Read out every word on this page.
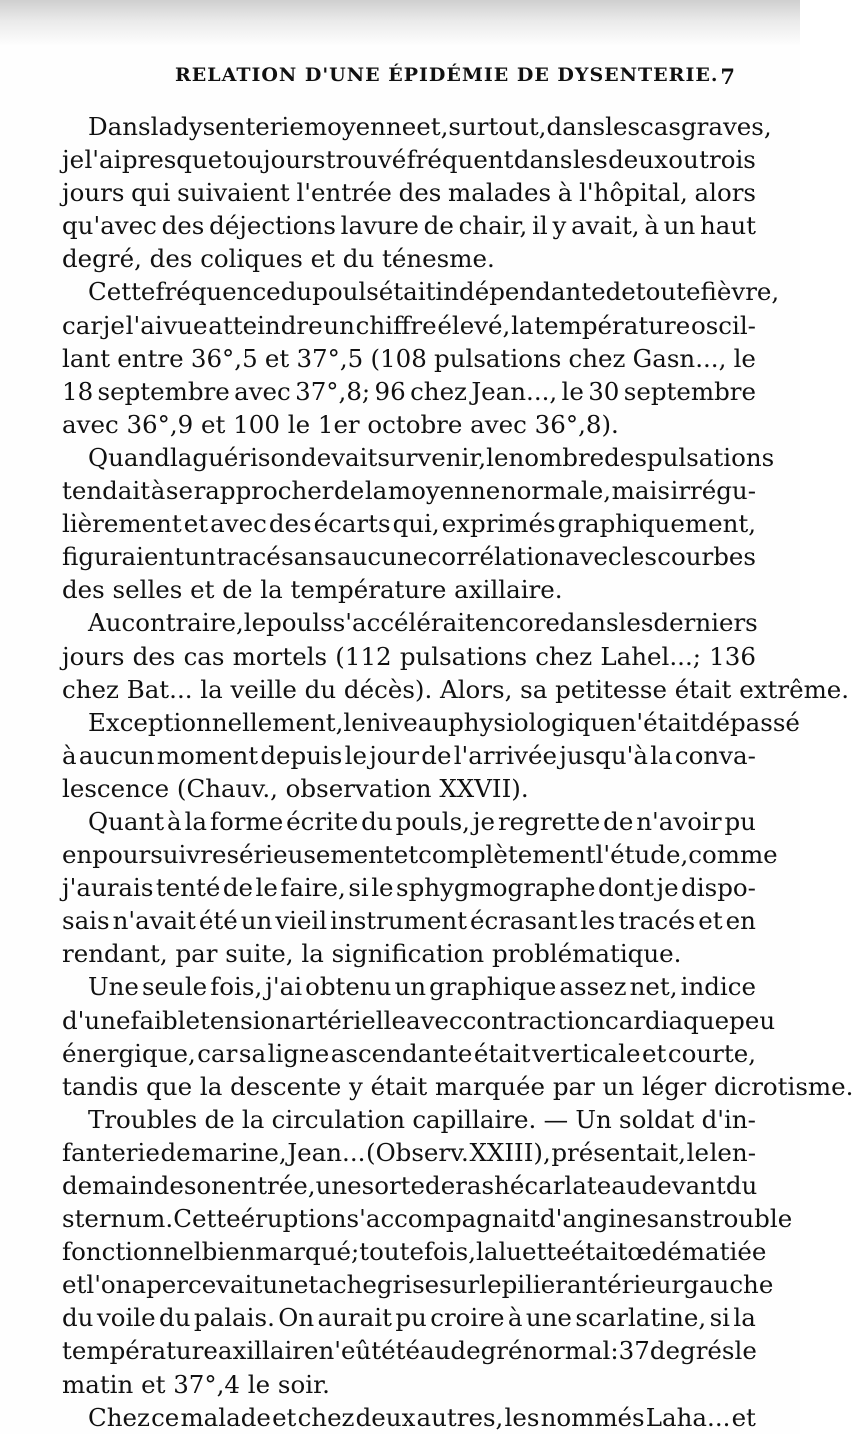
RELATION D'UNE ÉPIDÉMIE DE DYSENTERIE. 7
Dans la dysenterie moyenne et, surtout, dans les cas graves,
je l'ai presque toujours trouvé fréquent dans les deux ou trois
jours qui suivaient l'entrée des malades à l'hôpital, alors
qu'avec des déjections lavure de chair, il y avait, à un haut
degré, des coliques et du ténesme.
Cette fréquence du pouls était indépendante de toute fièvre,
car je l'ai vue atteindre un chiffre élevé, la température oscil-
lant entre 36°,5 et 37°,5 (108 pulsations chez Gasn..., le
18 septembre avec 37°,8; 96 chez Jean..., le 30 septembre
avec 36°,9 et 100 le 1er octobre avec 36°,8).
Quand la guérison devait survenir, le nombre des pulsations
tendait à se rapprocher de la moyenne normale, mais irrégu-
lièrement et avec des écarts qui, exprimés graphiquement,
figuraient un tracé sans aucune corrélation avec les courbes
des selles et de la température axillaire.
Au contraire, le pouls s'accélérait encore dans les derniers
jours des cas mortels (112 pulsations chez Lahel...; 136
chez Bat... la veille du décès). Alors, sa petitesse était extrême.
Exceptionnellement, le niveau physiologique n'était dépassé
à aucun moment depuis le jour de l'arrivée jusqu'à la conva-
lescence (Chauv., observation XXVII).
Quant à la forme écrite du pouls, je regrette de n'avoir pu
en poursuivre sérieusement et complètement l'étude, comme
j'aurais tenté de le faire, si le sphygmographe dont je dispo-
sais n'avait été un vieil instrument écrasant les tracés et en
rendant, par suite, la signification problématique.
Une seule fois, j'ai obtenu un graphique assez net, indice
d'une faible tension artérielle avec contraction cardiaque peu
énergique, car sa ligne ascendante était verticale et courte,
tandis que la descente y était marquée par un léger dicrotisme.
Troubles de la circulation capillaire. — Un soldat d'in-
fanterie de marine, Jean... (Observ. XXIII), présentait, le len-
demain de son entrée, une sorte de rash écarlate au devant du
sternum. Cette éruption s'accompagnait d'angine sans trouble
fonctionnel bien marqué; toutefois, la luette était œdématiée
et l'on apercevait une tache grise sur le pilier antérieur gauche
du voile du palais. On aurait pu croire à une scarlatine, si la
température axillaire n'eût été au degré normal : 37 degrés le
matin et 37°,4 le soir.
Chez ce malade et chez deux autres, les nommés Laha... et
